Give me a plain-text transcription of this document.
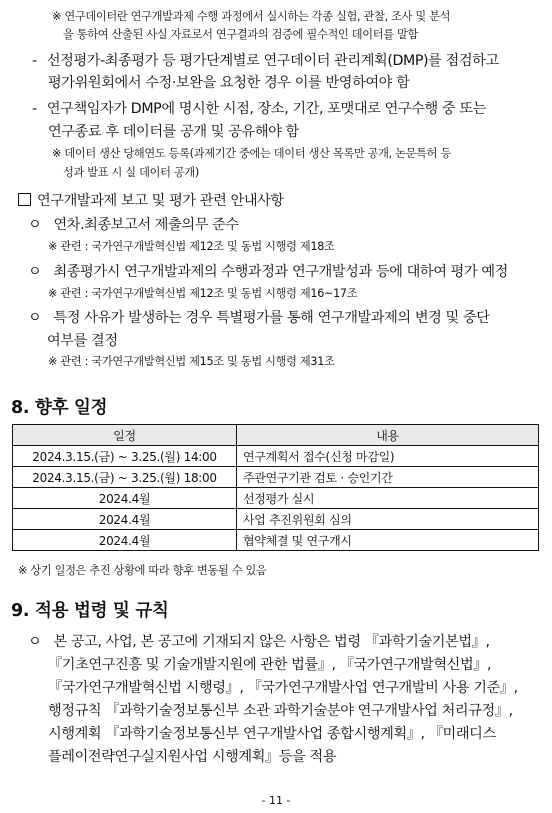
※ 연구데이터란 연구개발과제 수행 과정에서 실시하는 각종 실험, 관찰, 조사 및 분석
을 통하여 산출된 사실 자료로서 연구결과의 검증에 필수적인 데이터를 말함
- 선정평가-최종평가 등 평가단계별로 연구데이터 관리계획(DMP)를 점검하고
평가위원회에서 수정·보완을 요청한 경우 이를 반영하여야 함
- 연구책임자가 DMP에 명시한 시점, 장소, 기간, 포맷대로 연구수행 중 또는
연구종료 후 데이터를 공개 및 공유해야 함
※ 데이터 생산 당해연도 등록(과제기간 중에는 데이터 생산 목록만 공개, 논문특허 등
성과 발표 시 실 데이터 공개)
연구개발과제 보고 및 평가 관련 안내사항
ㅇ 연차.최종보고서 제출의무 준수
※ 관련 : 국가연구개발혁신법 제12조 및 동법 시행령 제18조
ㅇ 최종평가시 연구개발과제의 수행과정과 연구개발성과 등에 대하여 평가 예정
※ 관련 : 국가연구개발혁신법 제12조 및 동법 시행령 제16~17조
ㅇ 특정 사유가 발생하는 경우 특별평가를 통해 연구개발과제의 변경 및 중단
여부를 결정
※ 관련 : 국가연구개발혁신법 제15조 및 동법 시행령 제31조
8. 향후 일정
일정	내용
2024.3.15.(금) ~ 3.25.(월) 14:00	연구계획서 접수(신청 마감일)
2024.3.15.(금) ~ 3.25.(월) 18:00	주관연구기관 검토 · 승인기간
2024.4월	선정평가 실시
2024.4월	사업 추진위원회 심의
2024.4월	협약체결 및 연구개시
※ 상기 일정은 추진 상황에 따라 향후 변동될 수 있음
9. 적용 법령 및 규칙
ㅇ 본 공고, 사업, 본 공고에 기재되지 않은 사항은 법령 『과학기술기본법』,
『기초연구진흥 및 기술개발지원에 관한 법률』, 『국가연구개발혁신법』,
『국가연구개발혁신법 시행령』, 『국가연구개발사업 연구개발비 사용 기준』,
행정규칙 『과학기술정보통신부 소관 과학기술분야 연구개발사업 처리규정』,
시행계획 『과학기술정보통신부 연구개발사업 종합시행계획』, 『미래디스
플레이전략연구실지원사업 시행계획』등을 적용
- 11 -
